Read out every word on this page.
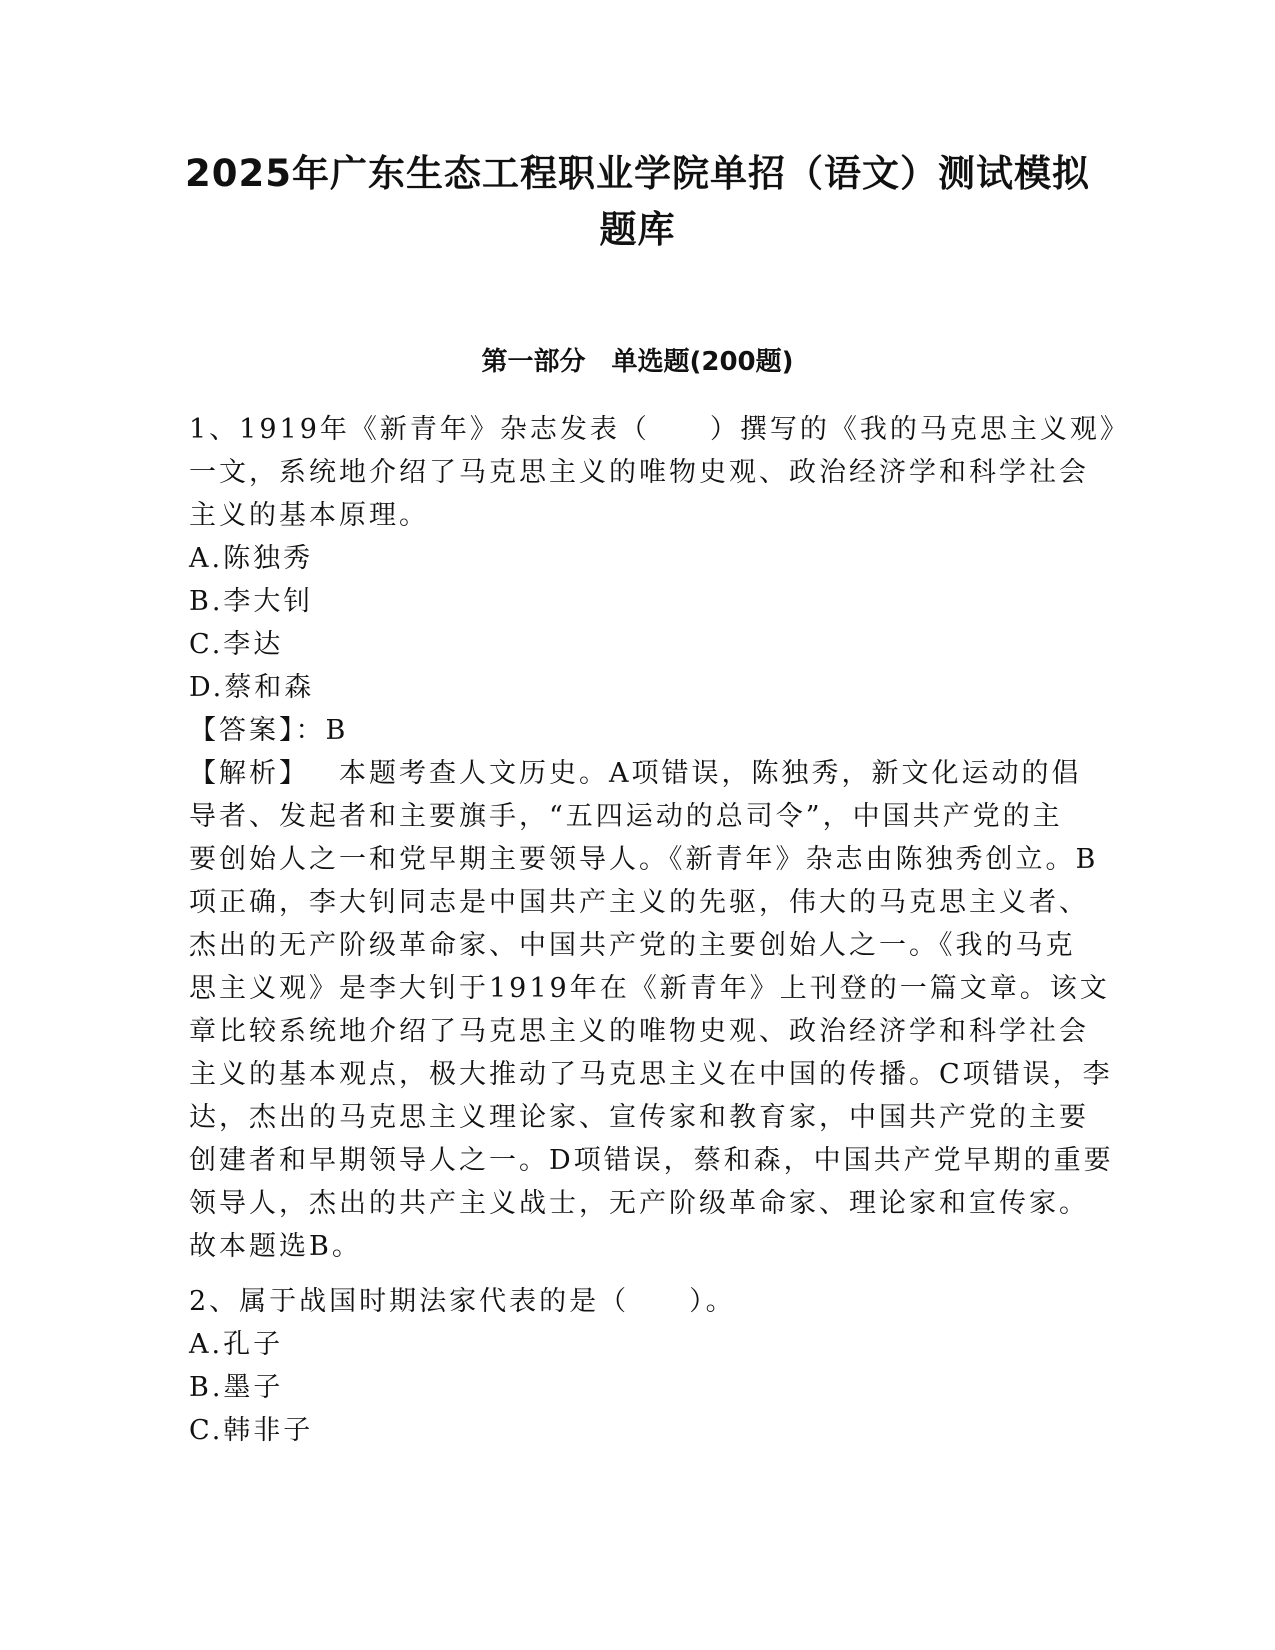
2025年广东生态工程职业学院单招（语文）测试模拟
题库
第一部分　单选题(200题)
1、1919年《新青年》杂志发表（　　）撰写的《我的马克思主义观》
一文，系统地介绍了马克思主义的唯物史观、政治经济学和科学社会
主义的基本原理。
A.陈独秀
B.李大钊
C.李达
D.蔡和森
【答案】：B
【解析】 本题考查人文历史。A项错误，陈独秀，新文化运动的倡
导者、发起者和主要旗手，“五四运动的总司令”，中国共产党的主
要创始人之一和党早期主要领导人。《新青年》杂志由陈独秀创立。B
项正确，李大钊同志是中国共产主义的先驱，伟大的马克思主义者、
杰出的无产阶级革命家、中国共产党的主要创始人之一。《我的马克
思主义观》是李大钊于1919年在《新青年》上刊登的一篇文章。该文
章比较系统地介绍了马克思主义的唯物史观、政治经济学和科学社会
主义的基本观点，极大推动了马克思主义在中国的传播。C项错误，李
达，杰出的马克思主义理论家、宣传家和教育家，中国共产党的主要
创建者和早期领导人之一。D项错误，蔡和森，中国共产党早期的重要
领导人，杰出的共产主义战士，无产阶级革命家、理论家和宣传家。
故本题选B。
2、属于战国时期法家代表的是（　　）。
A.孔子
B.墨子
C.韩非子
